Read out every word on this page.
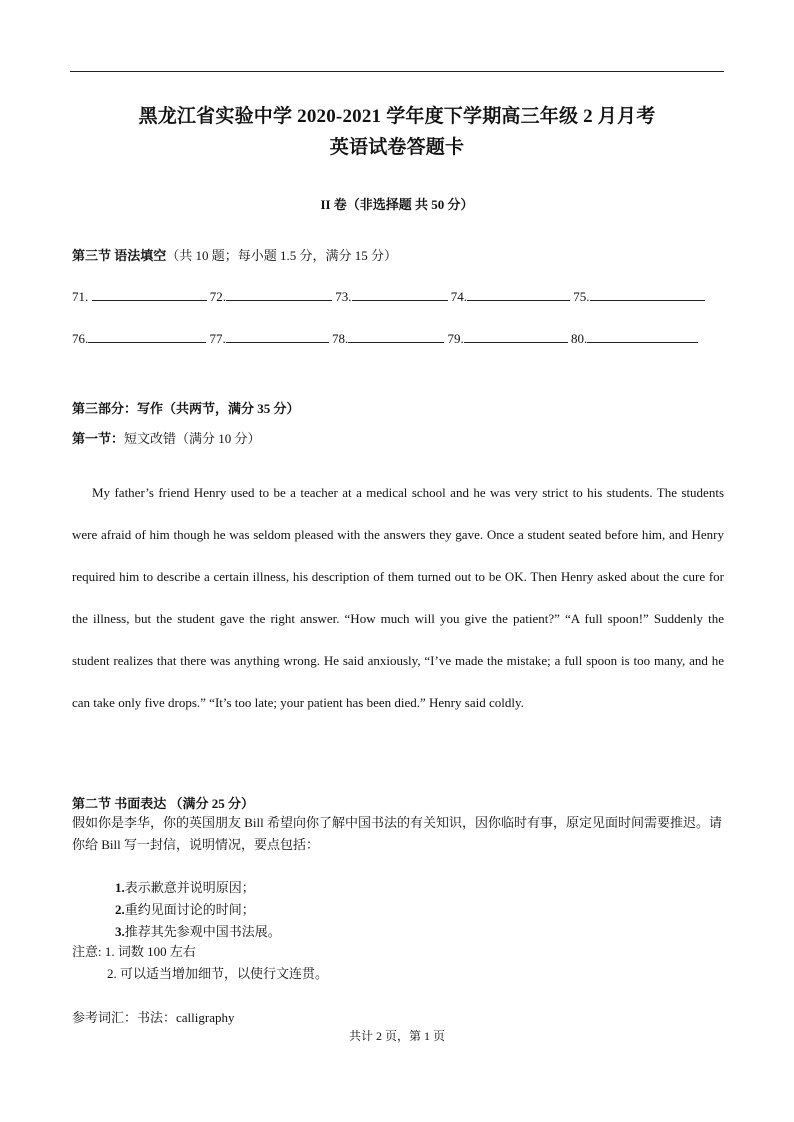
黑龙江省实验中学 2020-2021 学年度下学期高三年级 2 月月考
英语试卷答题卡
II 卷（非选择题 共 50 分）
第三节 语法填空（共 10 题；每小题 1.5 分，满分 15 分）
71.	72.	73.	74.	75.
76.	77.	78.	79.	80.
第三部分：写作（共两节，满分 35 分）
第一节：短文改错（满分 10 分）
My father’s friend Henry used to be a teacher at a medical school and he was very strict to his students. The students were afraid of him though he was seldom pleased with the answers they gave. Once a student seated before him, and Henry required him to describe a certain illness, his description of them turned out to be OK. Then Henry asked about the cure for the illness, but the student gave the right answer. “How much will you give the patient?” “A full spoon!” Suddenly the student realizes that there was anything wrong. He said anxiously, “I’ve made the mistake; a full spoon is too many, and he can take only five drops.” “It’s too late; your patient has been died.” Henry said coldly.
第二节 书面表达 （满分 25 分）
假如你是李华，你的英国朋友 Bill 希望向你了解中国书法的有关知识，因你临时有事，原定见面时间需要推迟。请你给 Bill 写一封信，说明情况，要点包括：
1.表示歉意并说明原因；
2.重约见面讨论的时间；
3.推荐其先参观中国书法展。
注意: 1. 词数 100 左右
2. 可以适当增加细节，以使行文连贯。
参考词汇：书法：calligraphy
共计 2 页，第 1 页
